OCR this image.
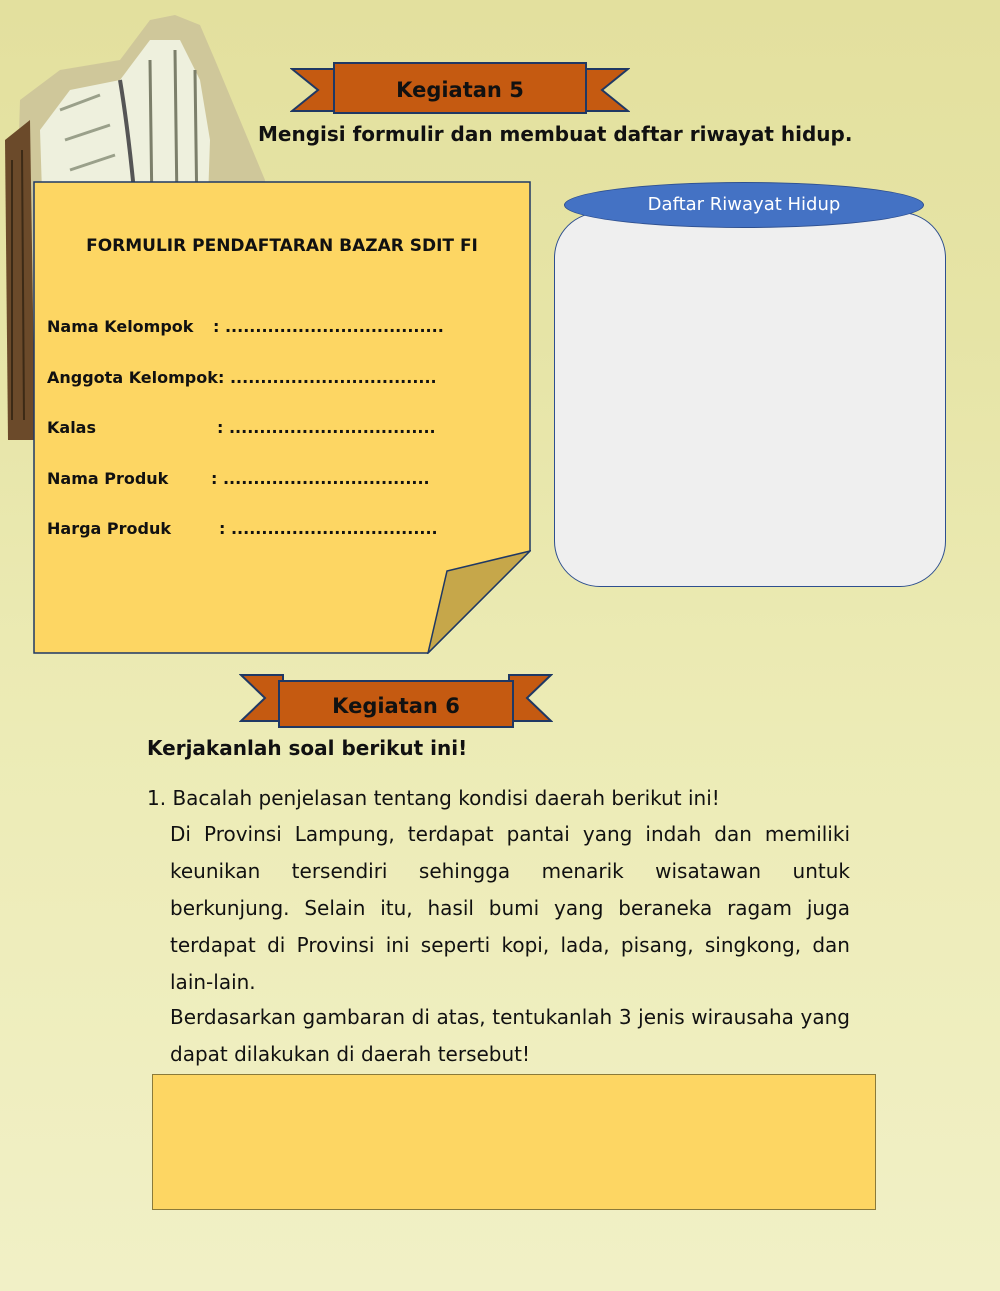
Kegiatan 5
Mengisi formulir dan membuat daftar riwayat hidup.
FORMULIR PENDAFTARAN BAZAR SDIT FI
Nama Kelompok : ....................................
Anggota Kelompok : ..................................
Kalas	: ..................................
Nama Produk	: ..................................
Harga Produk	: ..................................
Daftar Riwayat Hidup
Kegiatan 6
Kerjakanlah soal berikut ini!
1. Bacalah penjelasan tentang kondisi daerah berikut ini!
Di Provinsi Lampung, terdapat pantai yang indah dan memiliki keunikan tersendiri sehingga menarik wisatawan untuk berkunjung. Selain itu, hasil bumi yang beraneka ragam juga terdapat di Provinsi ini seperti kopi, lada, pisang, singkong, dan lain-lain.
Berdasarkan gambaran di atas, tentukanlah 3 jenis wirausaha yang dapat dilakukan di daerah tersebut!
